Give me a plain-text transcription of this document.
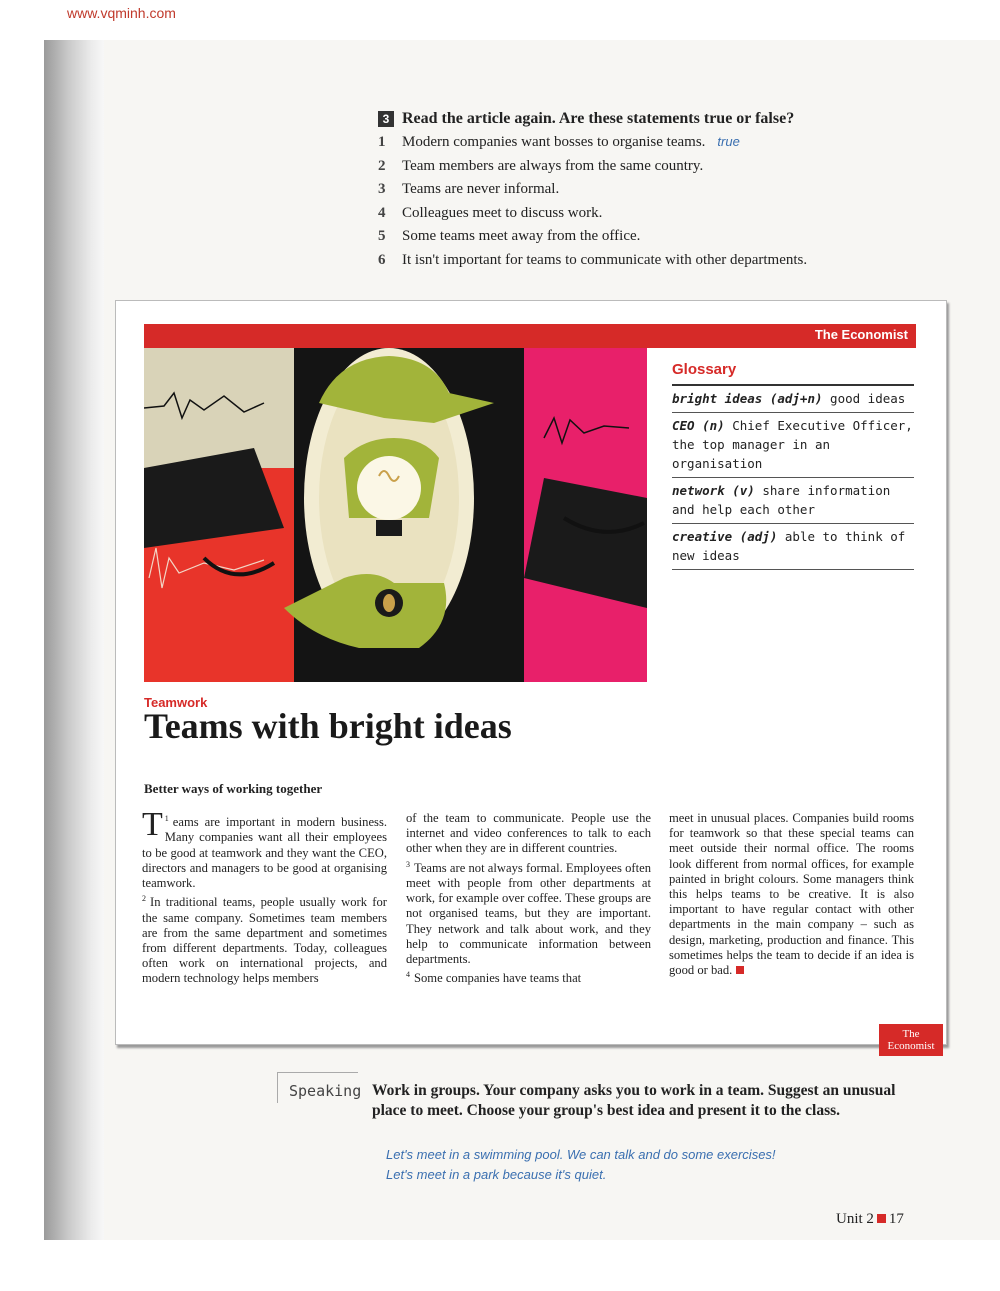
www.vqminh.com
3 Read the article again. Are these statements true or false?
1	Modern companies want bosses to organise teams. true
2	Team members are always from the same country.
3	Teams are never informal.
4	Colleagues meet to discuss work.
5	Some teams meet away from the office.
6	It isn't important for teams to communicate with other departments.
The Economist
Glossary
bright ideas (adj+n) good ideas
CEO (n) Chief Executive Officer, the top manager in an organisation
network (v) share information and help each other
creative (adj) able to think of new ideas
Teamwork
Teams with bright ideas
Better ways of working together

$^1$
T eams are important in modern business. Many companies want all their employees to be good at teamwork and they want the CEO, directors and managers to be good at organising teamwork.

$^2$ In traditional teams, people usually work for the same company. Sometimes team members are from the same department and sometimes from different departments. Today, colleagues often work on international projects, and modern technology helps members

of the team to communicate. People use the internet and video conferences to talk to each other when they are in different countries.

$^3$ Teams are not always formal. Employees often meet with people from other departments at work, for example over coffee. These groups are not organised teams, but they are important. They network and talk about work, and they help to communicate information between departments.

$^4$ Some companies have teams that

meet in unusual places. Companies build rooms for teamwork so that these special teams can meet outside their normal office. The rooms look different from normal offices, for example painted in bright colours. Some managers think this helps teams to be creative. It is also important to have regular contact with other departments in the main company – such as design, marketing, production and finance. This sometimes helps the team to decide if an idea is good or bad.

The
Economist
Speaking Work in groups. Your company asks you to work in a team. Suggest an unusual place to meet. Choose your group's best idea and present it to the class.
Let's meet in a swimming pool. We can talk and do some exercises!
Let's meet in a park because it's quiet.
Unit 2 17
